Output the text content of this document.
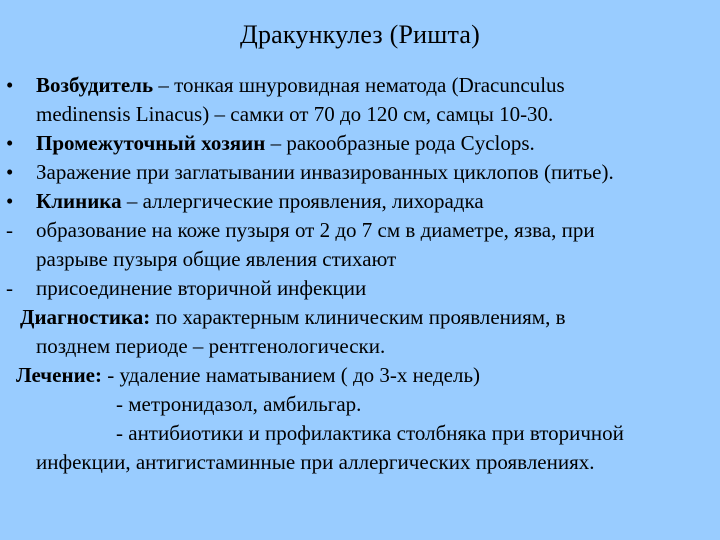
Дракункулез (Ришта)
•	Возбудитель – тонкая шнуровидная нематода (Dracunculus
medinensis Linacus) – самки от 70 до 120 см, самцы 10-30.
•	Промежуточный хозяин – ракообразные рода Cyclops.
•	Заражение при заглатывании инвазированных циклопов (питье).
•	Клиника – аллергические проявления, лихорадка
-	образование на коже пузыря от 2 до 7 см в диаметре, язва, при
разрыве пузыря общие явления стихают
-	присоединение вторичной инфекции
Диагностика: по характерным клиническим проявлениям, в
позднем периоде – рентгенологически.
Лечение: - удаление наматыванием ( до 3-х недель)
- метронидазол, амбильгар.
- антибиотики и профилактика столбняка при вторичной
инфекции, антигистаминные при аллергических проявлениях.
